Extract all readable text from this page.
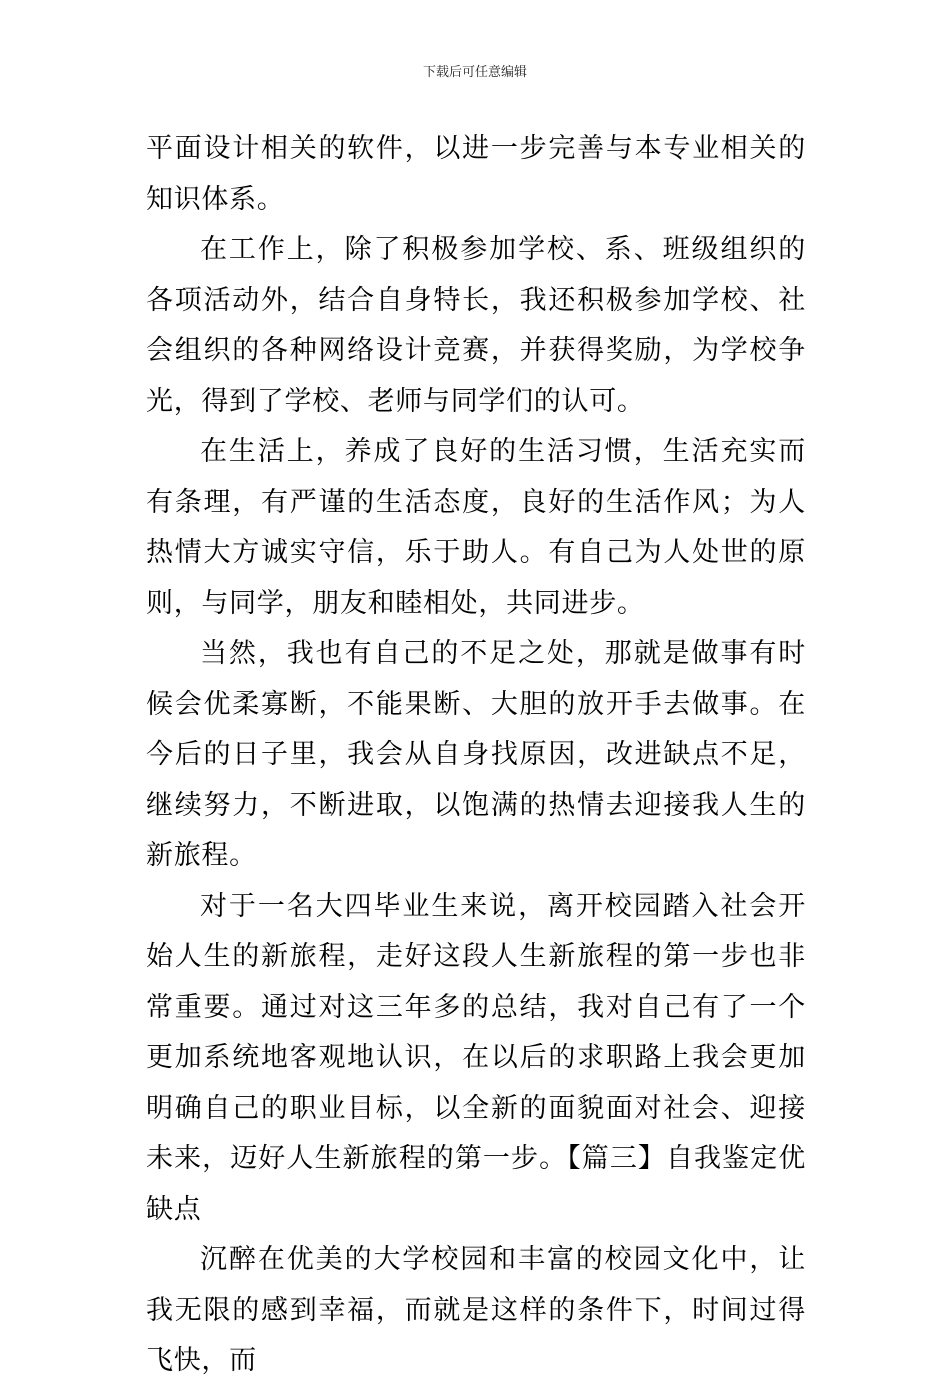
下载后可任意编辑

平面设计相关的软件，以进一步完善与本专业相关的知识体系。

在工作上，除了积极参加学校、系、班级组织的各项活动外，结合自身特长，我还积极参加学校、社会组织的各种网络设计竞赛，并获得奖励，为学校争光，得到了学校、老师与同学们的认可。

在生活上，养成了良好的生活习惯，生活充实而有条理，有严谨的生活态度，良好的生活作风；为人热情大方诚实守信，乐于助人。有自己为人处世的原则，与同学，朋友和睦相处，共同进步。

当然，我也有自己的不足之处，那就是做事有时候会优柔寡断，不能果断、大胆的放开手去做事。在今后的日子里，我会从自身找原因，改进缺点不足，继续努力，不断进取，以饱满的热情去迎接我人生的新旅程。

对于一名大四毕业生来说，离开校园踏入社会开始人生的新旅程，走好这段人生新旅程的第一步也非常重要。通过对这三年多的总结，我对自己有了一个更加系统地客观地认识，在以后的求职路上我会更加明确自己的职业目标，以全新的面貌面对社会、迎接未来，迈好人生新旅程的第一步。【篇三】自我鉴定优缺点

沉醉在优美的大学校园和丰富的校园文化中，让我无限的感到幸福，而就是这样的条件下，时间过得飞快，而
